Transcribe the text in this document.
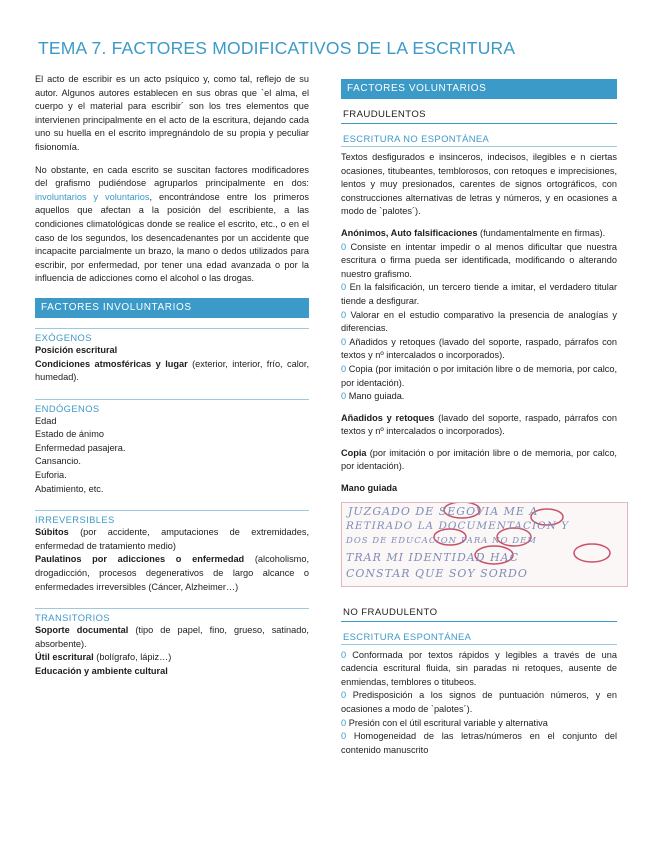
TEMA 7. FACTORES MODIFICATIVOS DE LA ESCRITURA

El acto de escribir es un acto psíquico y, como tal, reflejo de su autor. Algunos autores establecen en sus obras que `el alma, el cuerpo y el material para escribir´ son los tres elementos que intervienen principalmente en el acto de la escritura, dejando cada uno su huella en el escrito impregnándolo de su propia y peculiar fisionomía.

No obstante, en cada escrito se suscitan factores modificadores del grafismo pudiéndose agruparlos principalmente en dos: involuntarios y voluntarios, encontrándose entre los primeros aquellos que afectan a la posición del escribiente, a las condiciones climatológicas donde se realice el escrito, etc., o en el caso de los segundos, los desencadenantes por un accidente que incapacite parcialmente un brazo, la mano o dedos utilizados para escribir, por enfermedad, por tener una edad avanzada o por la influencia de adicciones como el alcohol o las drogas.

FACTORES INVOLUNTARIOS
EXÓGENOS
Posición escritural

Condiciones atmosféricas y lugar (exterior, interior, frío, calor, humedad).

ENDÓGENOS
Edad
Estado de ánimo
Enfermedad pasajera.
Cansancio.
Euforia.
Abatimiento, etc.
IRREVERSIBLES

Súbitos (por accidente, amputaciones de extremidades, enfermedad de tratamiento medio)

Paulatinos por adicciones o enfermedad (alcoholismo, drogadicción, procesos degenerativos de largo alcance o enfermedades irreversibles (Cáncer, Alzheimer…)

TRANSITORIOS

Soporte documental (tipo de papel, fino, grueso, satinado, absorbente).

Útil escritural (bolígrafo, lápiz…)

Educación y ambiente cultural

FACTORES VOLUNTARIOS
FRAUDULENTOS
ESCRITURA NO ESPONTÁNEA

Textos desfigurados e insinceros, indecisos, ilegibles e n ciertas ocasiones, titubeantes, temblorosos, con retoques e imprecisiones, lentos y muy presionados, carentes de signos ortográficos, con construcciones alternativas de letras y números, y en ocasiones a modo de `palotes´).

Anónimos, Auto falsificaciones (fundamentalmente en firmas).

0 Consiste en intentar impedir o al menos dificultar que nuestra escritura o firma pueda ser identificada, modificando o alterando nuestro grafismo.

0 En la falsificación, un tercero tiende a imitar, el verdadero titular tiende a desfigurar.

0 Valorar en el estudio comparativo la presencia de analogías y diferencias.

0 Añadidos y retoques (lavado del soporte, raspado, párrafos con textos y nº intercalados o incorporados).

0 Copia (por imitación o por imitación libre o de memoria, por calco, por identación).

0 Mano guiada.

Añadidos y retoques (lavado del soporte, raspado, párrafos con textos y nº intercalados o incorporados).

Copia (por imitación o por imitación libre o de memoria, por calco, por identación).

Mano guiada
JUZGADO DE SEGOVIA ME A
RETIRADO LA DOCUMENTACION Y
DOS DE EDUCACION PARA NO DEM
TRAR MI IDENTIDAD HAC
CONSTAR QUE SOY SORDO
NO FRAUDULENTO
ESCRITURA ESPONTÁNEA

0 Conformada por textos rápidos y legibles a través de una cadencia escritural fluida, sin paradas ni retoques, ausente de enmiendas, temblores o titubeos.

0 Predisposición a los signos de puntuación números, y en ocasiones a modo de `palotes´).

0 Presión con el útil escritural variable y alternativa

0 Homogeneidad de las letras/números en el conjunto del contenido manuscrito
